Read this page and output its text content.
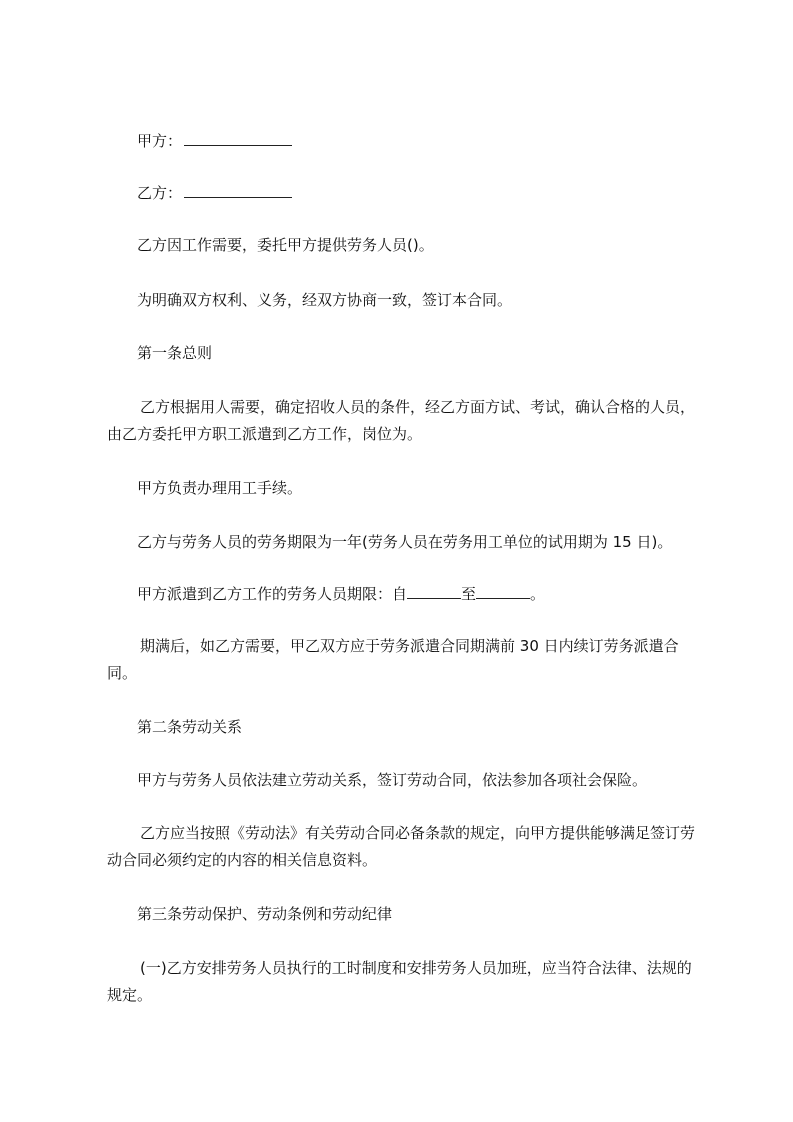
甲方：

乙方：

乙方因工作需要，委托甲方提供劳务人员()。

为明确双方权利、义务，经双方协商一致，签订本合同。

第一条总则

乙方根据用人需要，确定招收人员的条件，经乙方面方试、考试，确认合格的人员，由乙方委托甲方职工派遣到乙方工作，岗位为。

甲方负责办理用工手续。

乙方与劳务人员的劳务期限为一年(劳务人员在劳务用工单位的试用期为 15 日)。

甲方派遣到乙方工作的劳务人员期限：自	至	。

期满后，如乙方需要，甲乙双方应于劳务派遣合同期满前 30 日内续订劳务派遣合同。

第二条劳动关系

甲方与劳务人员依法建立劳动关系，签订劳动合同，依法参加各项社会保险。

乙方应当按照《劳动法》有关劳动合同必备条款的规定，向甲方提供能够满足签订劳动合同必须约定的内容的相关信息资料。

第三条劳动保护、劳动条例和劳动纪律

(一)乙方安排劳务人员执行的工时制度和安排劳务人员加班，应当符合法律、法规的规定。
